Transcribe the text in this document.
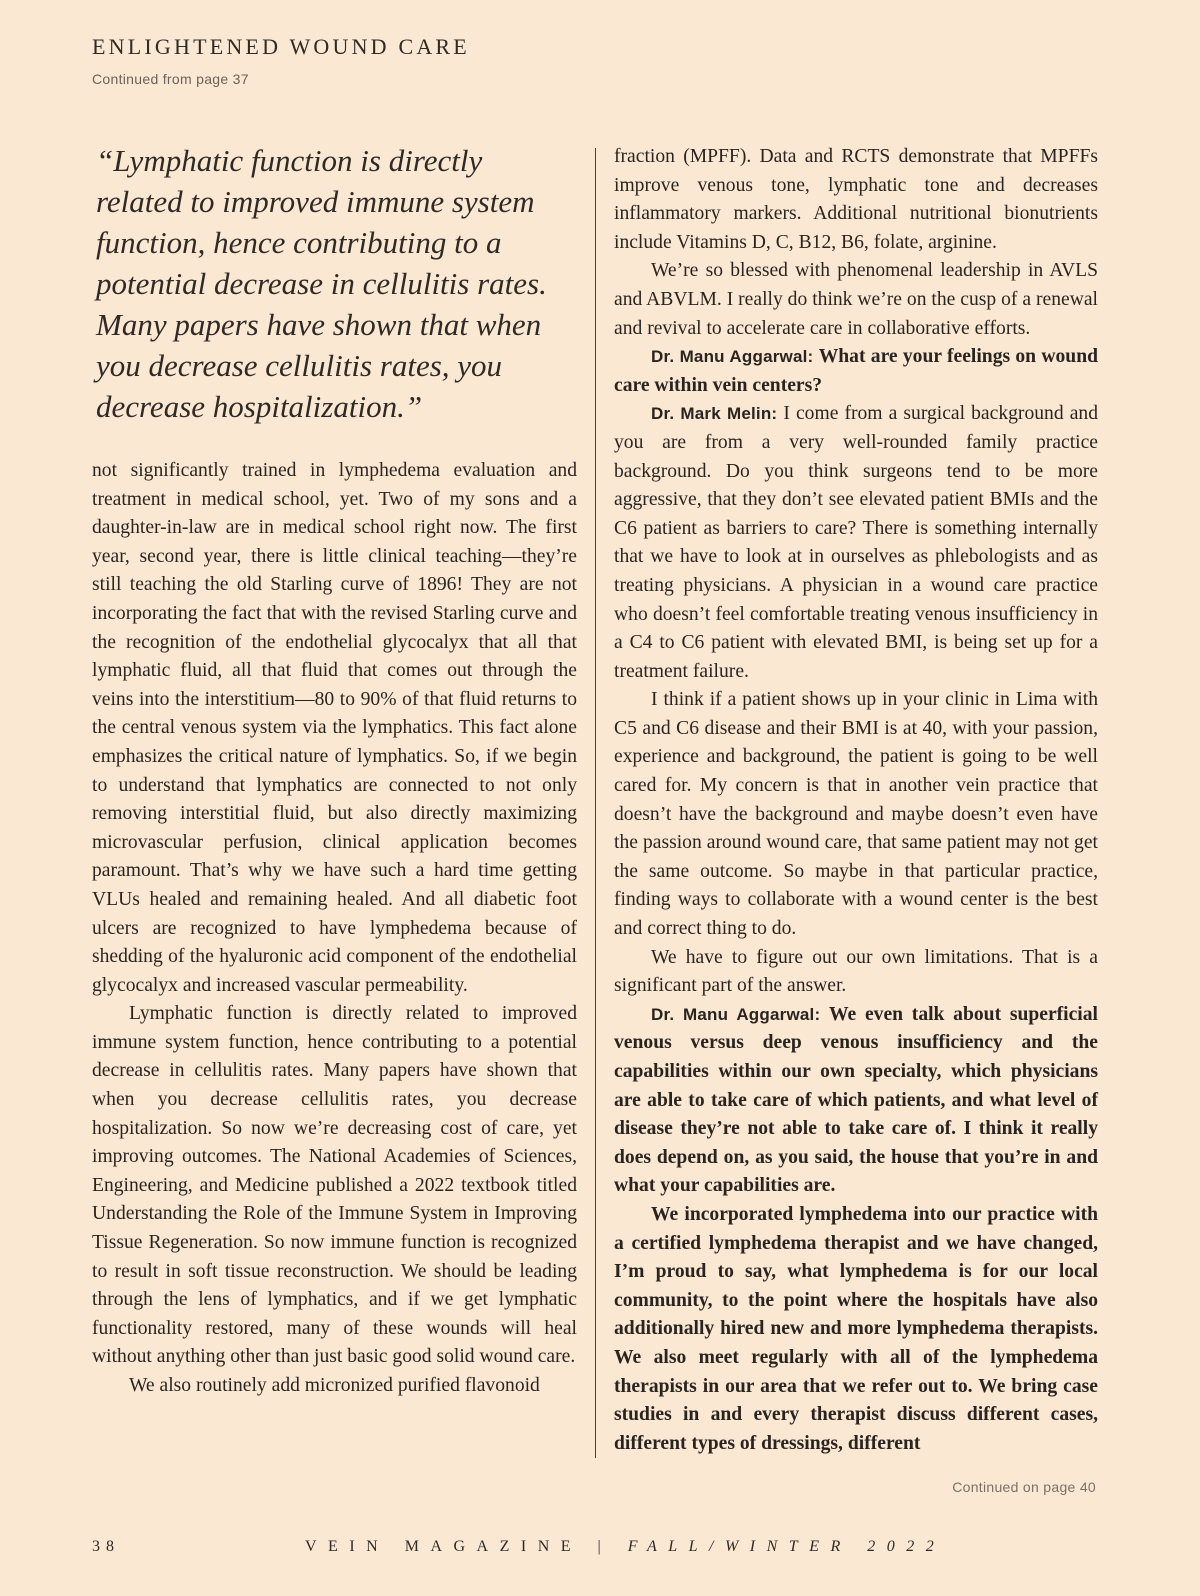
ENLIGHTENED WOUND CARE
Continued from page 37

“Lymphatic function is directly related to improved immune system function, hence contributing to a potential decrease in cellulitis rates. Many papers have shown that when you decrease cellulitis rates, you decrease hospitalization.”

not significantly trained in lymphedema evaluation and treatment in medical school, yet. Two of my sons and a daughter-in-law are in medical school right now. The first year, second year, there is little clinical teaching—they’re still teaching the old Starling curve of 1896! They are not incorporating the fact that with the revised Starling curve and the recognition of the endothelial glycocalyx that all that lymphatic fluid, all that fluid that comes out through the veins into the interstitium—80 to 90% of that fluid returns to the central venous system via the lymphatics. This fact alone emphasizes the critical nature of lymphatics. So, if we begin to understand that lymphatics are connected to not only removing interstitial fluid, but also directly maximizing microvascular perfusion, clinical application becomes paramount. That’s why we have such a hard time getting VLUs healed and remaining healed. And all diabetic foot ulcers are recognized to have lymphedema because of shedding of the hyaluronic acid component of the endothelial glycocalyx and increased vascular permeability.

Lymphatic function is directly related to improved immune system function, hence contributing to a potential decrease in cellulitis rates. Many papers have shown that when you decrease cellulitis rates, you decrease hospitalization. So now we’re decreasing cost of care, yet improving outcomes. The National Academies of Sciences, Engineering, and Medicine published a 2022 textbook titled Understanding the Role of the Immune System in Improving Tissue Regeneration. So now immune function is recognized to result in soft tissue reconstruction. We should be leading through the lens of lymphatics, and if we get lymphatic functionality restored, many of these wounds will heal without anything other than just basic good solid wound care.

We also routinely add micronized purified flavonoid

fraction (MPFF). Data and RCTS demonstrate that MPFFs improve venous tone, lymphatic tone and decreases inflammatory markers. Additional nutritional bionutrients include Vitamins D, C, B12, B6, folate, arginine.

We’re so blessed with phenomenal leadership in AVLS and ABVLM. I really do think we’re on the cusp of a renewal and revival to accelerate care in collaborative efforts.

Dr. Manu Aggarwal: What are your feelings on wound care within vein centers?

Dr. Mark Melin: I come from a surgical background and you are from a very well-rounded family practice background. Do you think surgeons tend to be more aggressive, that they don’t see elevated patient BMIs and the C6 patient as barriers to care? There is something internally that we have to look at in ourselves as phlebologists and as treating physicians. A physician in a wound care practice who doesn’t feel comfortable treating venous insufficiency in a C4 to C6 patient with elevated BMI, is being set up for a treatment failure.

I think if a patient shows up in your clinic in Lima with C5 and C6 disease and their BMI is at 40, with your passion, experience and background, the patient is going to be well cared for. My concern is that in another vein practice that doesn’t have the background and maybe doesn’t even have the passion around wound care, that same patient may not get the same outcome. So maybe in that particular practice, finding ways to collaborate with a wound center is the best and correct thing to do.

We have to figure out our own limitations. That is a significant part of the answer.

Dr. Manu Aggarwal: We even talk about superficial venous versus deep venous insufficiency and the capabilities within our own specialty, which physicians are able to take care of which patients, and what level of disease they’re not able to take care of. I think it really does depend on, as you said, the house that you’re in and what your capabilities are.

We incorporated lymphedema into our practice with a certified lymphedema therapist and we have changed, I’m proud to say, what lymphedema is for our local community, to the point where the hospitals have also additionally hired new and more lymphedema therapists. We also meet regularly with all of the lymphedema therapists in our area that we refer out to. We bring case studies in and every therapist discuss different cases, different types of dressings, different

Continued on page 40
38	VEIN MAGAZINE | FALL/WINTER 2022
